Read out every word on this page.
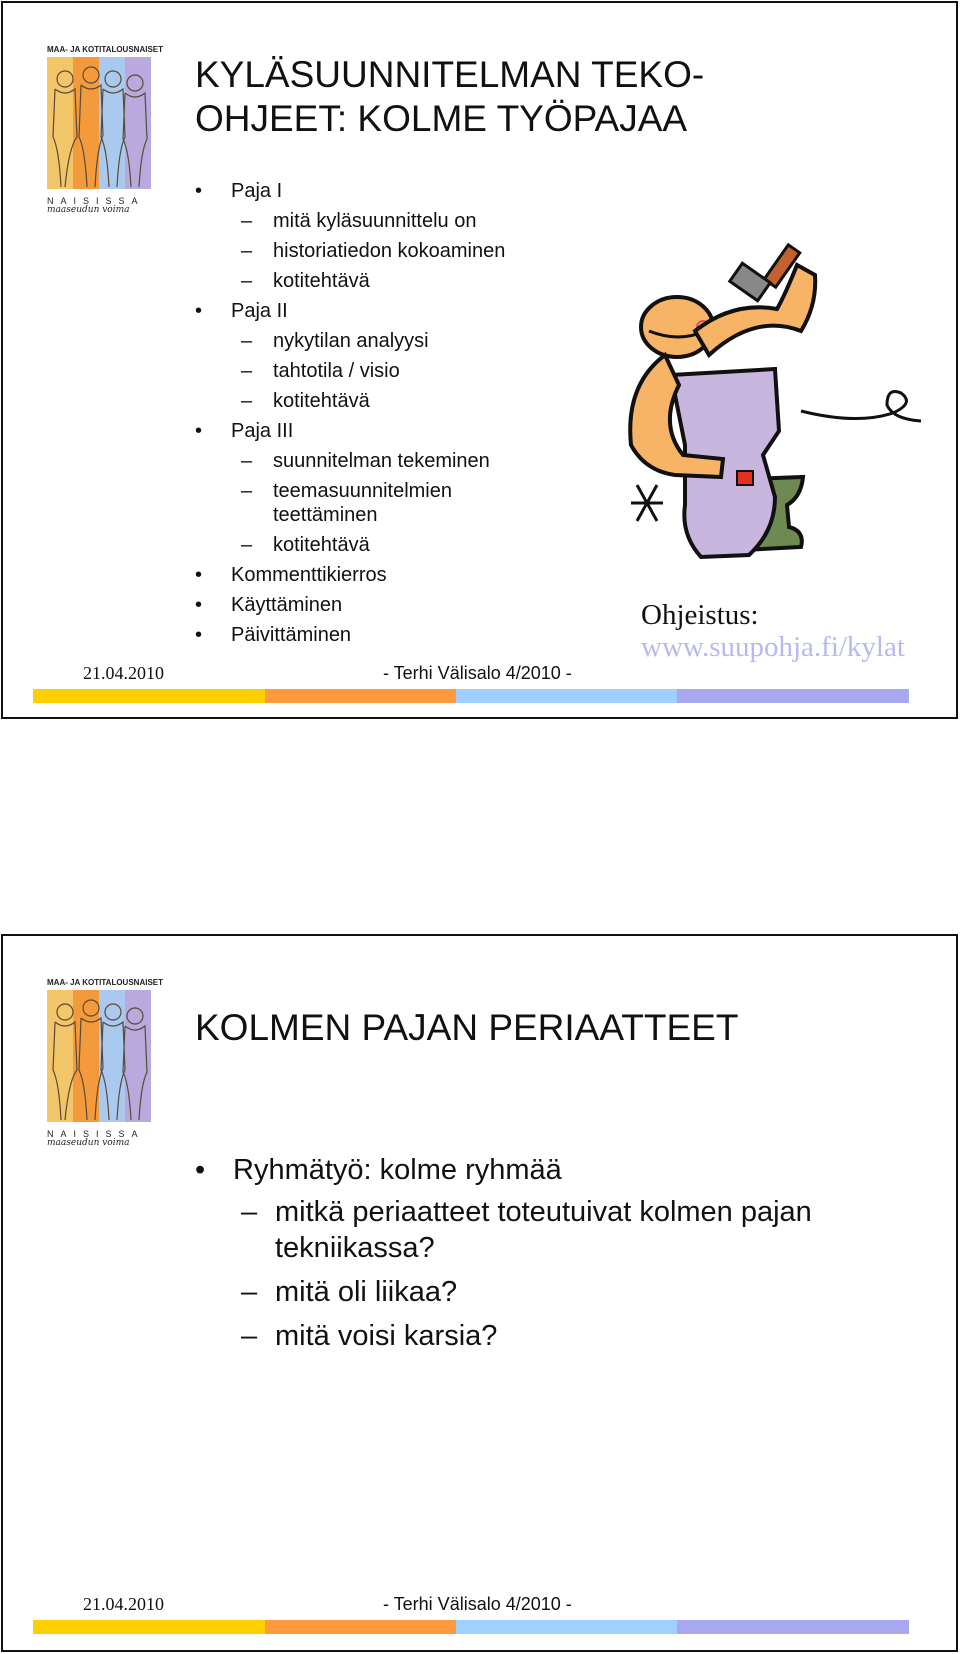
MAA- JA KOTITALOUSNAISET
NAISISSA
maaseudun voima
KYLÄSUUNNITELMAN TEKO-OHJEET: KOLME TYÖPAJAA
• Paja I
– mitä kyläsuunnittelu on
– historiatiedon kokoaminen
– kotitehtävä
• Paja II
– nykytilan analyysi
– tahtotila / visio
– kotitehtävä
• Paja III
– suunnitelman tekeminen
– teemasuunnitelmien teettäminen
– kotitehtävä
• Kommenttikierros
• Käyttäminen
• Päivittäminen
Ohjeistus:
www.suupohja.fi/kylat
21.04.2010	- Terhi Välisalo 4/2010 -
MAA- JA KOTITALOUSNAISET
NAISISSA
maaseudun voima
KOLMEN PAJAN PERIAATTEET
• Ryhmätyö: kolme ryhmää
– mitkä periaatteet toteutuivat kolmen pajan tekniikassa?
– mitä oli liikaa?
– mitä voisi karsia?
21.04.2010	- Terhi Välisalo 4/2010 -
